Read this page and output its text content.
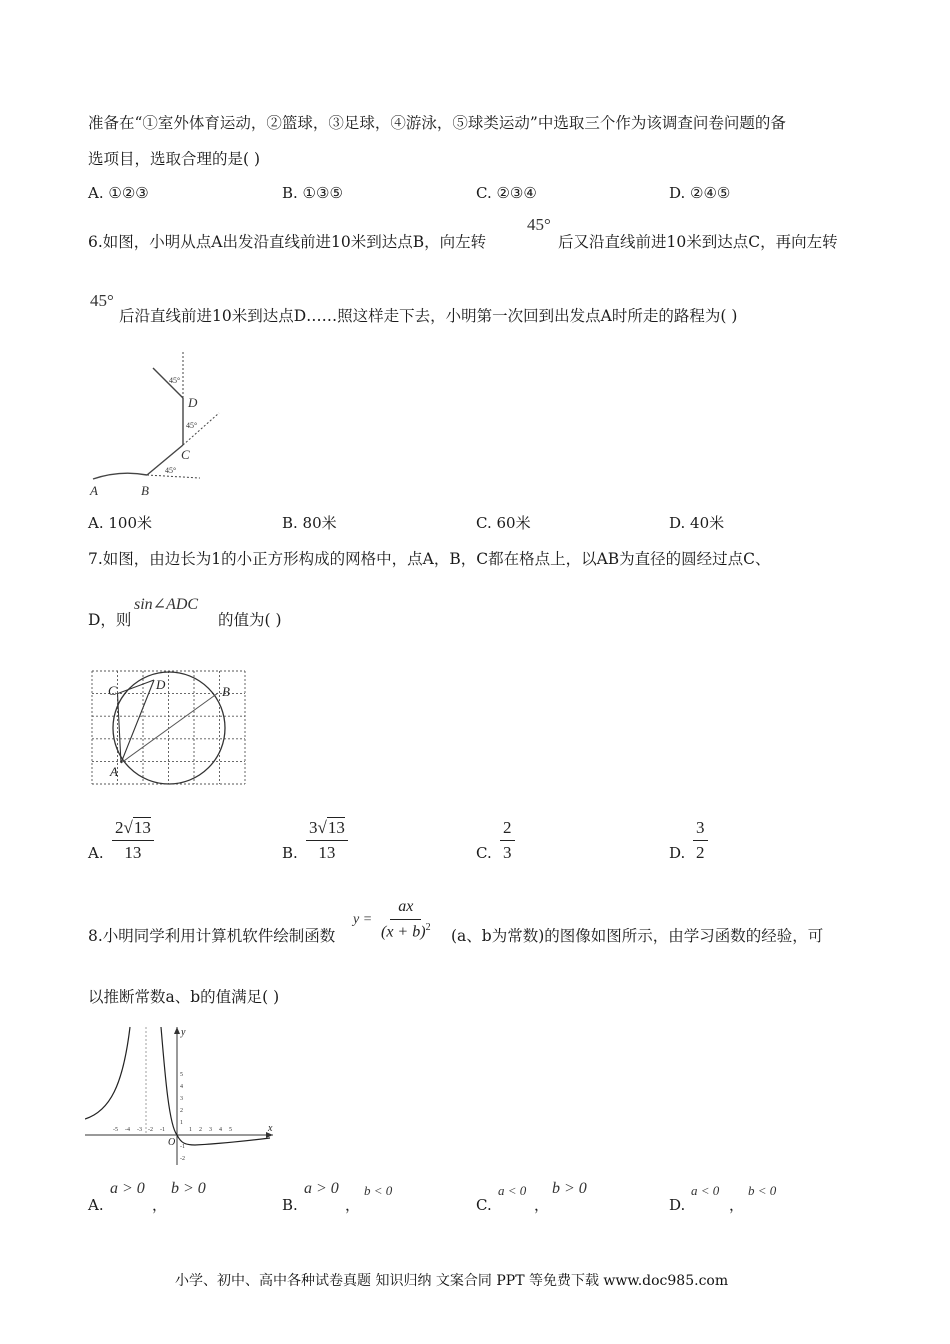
准备在“①室外体育运动，②篮球，③足球，④游泳，⑤球类运动”中选取三个作为该调查问卷问题的备
选项目，选取合理的是( )
A. ①②③	B. ①③⑤	C. ②③④	D. ②④⑤
6.如图，小明从点A出发沿直线前进10米到达点B，向左转
45°
后又沿直线前进10米到达点C，再向左转
45°
后沿直线前进10米到达点D……照这样走下去，小明第一次回到出发点A时所走的路程为( )
A	B
C
D
45°
45°
45°
A. 100米	B. 80米	C. 60米	D. 40米
7.如图，由边长为1的小正方形构成的网格中，点A，B，C都在格点上，以AB为直径的圆经过点C、
D，则
sin∠ADC
的值为( )
A
B
C	D
A. $\frac{2√13}{13}$	B. $\frac{3√13}{13}$	C. $\frac{2}{3}$	D. $\frac{3}{2}$
8.小明同学利用计算机软件绘制函数
$y = \frac{ax}{(x + b)^2} (a$、b为常数)的图像如图所示，由学习函数的经验，可
以推断常数a、b的值满足( )
-5 -4 -3 -2 -1	1 2 3 4 5
5
4
3
2
1
-1
-2
O
x
y
A.
a > 0
，
b > 0
B.
a > 0
，
b < 0
C.
a < 0
，
b > 0
D.
a < 0
，
b < 0
小学、初中、高中各种试卷真题 知识归纳 文案合同 PPT 等免费下载 www.doc985.com
